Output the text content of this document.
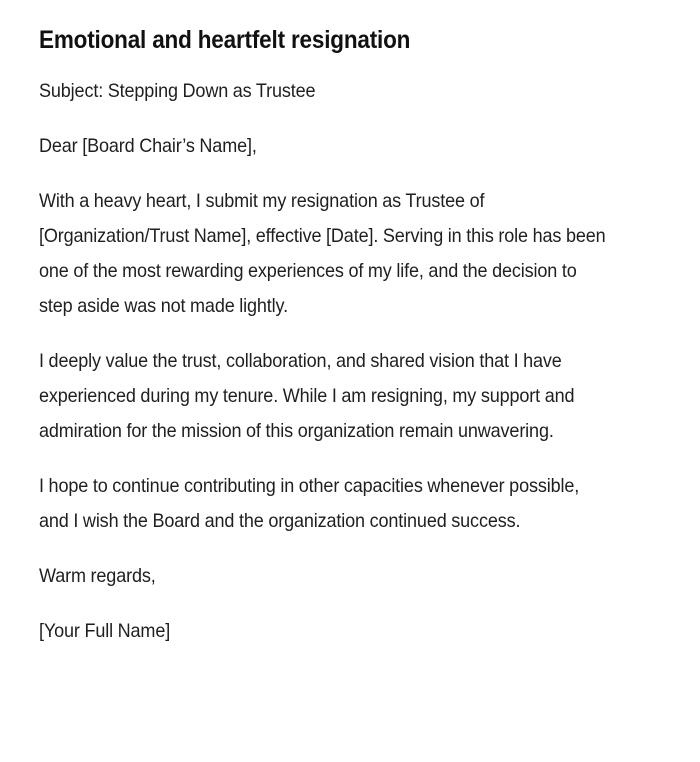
Emotional and heartfelt resignation

Subject: Stepping Down as Trustee

Dear [Board Chair’s Name],

With a heavy heart, I submit my resignation as Trustee of [Organization/Trust Name], effective [Date]. Serving in this role has been one of the most rewarding experiences of my life, and the decision to step aside was not made lightly.

I deeply value the trust, collaboration, and shared vision that I have experienced during my tenure. While I am resigning, my support and admiration for the mission of this organization remain unwavering.

I hope to continue contributing in other capacities whenever possible, and I wish the Board and the organization continued success.

Warm regards,

[Your Full Name]
